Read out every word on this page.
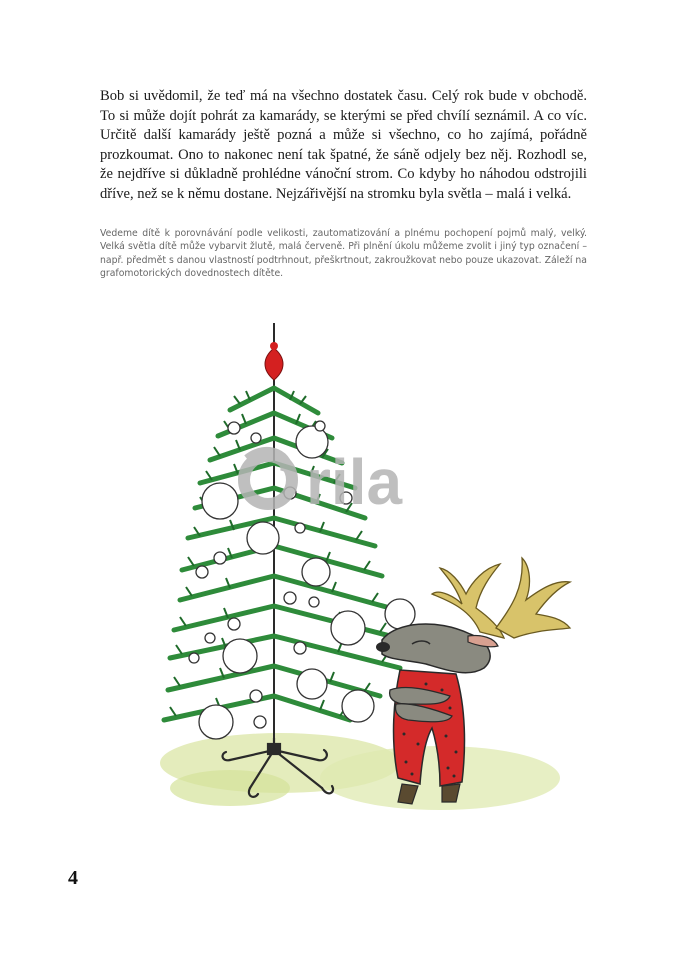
Bob si uvědomil, že teď má na všechno dostatek času. Celý rok bude v obchodě. To si může dojít pohrát za kamarády, se kterými se před chvílí seznámil. A co víc. Určitě další kamarády ještě pozná a může si všechno, co ho zajímá, pořádně prozkoumat. Ono to nakonec není tak špatné, že sáně odjely bez něj. Rozhodl se, že nejdříve si důkladně prohlédne vánoční strom. Co kdyby ho náhodou odstrojili dříve, než se k němu dostane. Nejzářivější na stromku byla světla – malá i velká.

Vedeme dítě k porovnávání podle velikosti, zautomatizování a plnému pochopení pojmů malý, velký. Velká světla dítě může vybarvit žlutě, malá červeně. Při plnění úkolu můžeme zvolit i jiný typ označení – např. předmět s danou vlastností podtrhnout, přeškrtnout, zakroužkovat nebo pouze ukazovat. Záleží na grafomotorických dovednostech dítěte.

rila
4
